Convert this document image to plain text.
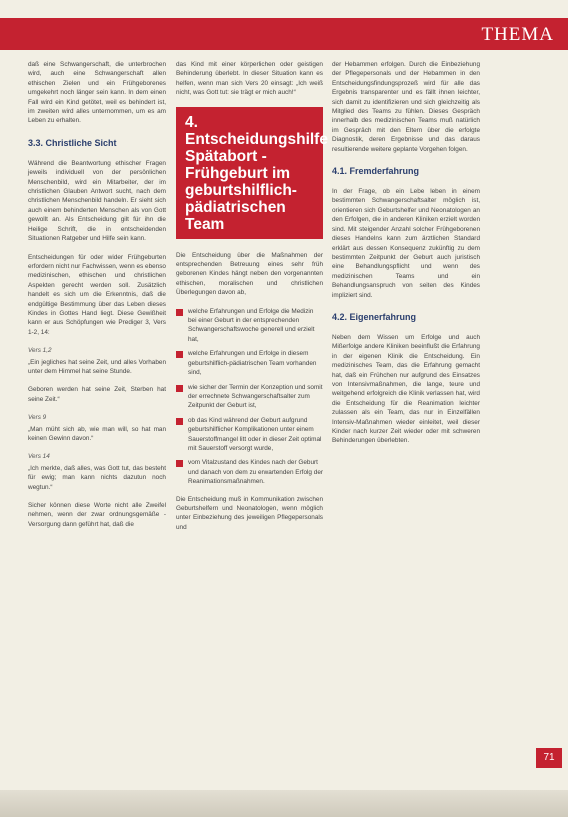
THEMA

daß eine Schwangerschaft, die unterbrochen wird, auch eine Schwangerschaft allen ethischen Zielen und ein Frühgeborenes umgekehrt noch länger sein kann. In dem einen Fall wird ein Kind getötet, weil es behindert ist, im zweiten wird alles unternommen, um es am Leben zu erhalten.

3.3. Christliche Sicht

Während die Beantwortung ethischer Fragen jeweils individuell von der persönlichen Menschenbild, wird ein Mitarbeiter, der im christlichen Glauben Antwort sucht, nach dem christlichen Menschenbild handeln. Er sieht sich auch einem behinderten Menschen als von Gott gewollt an. Als Entscheidung gilt für ihn die Heilige Schrift, die in entscheidenden Situationen Ratgeber und Hilfe sein kann.

Entscheidungen für oder wider Frühgeburten erfordern nicht nur Fachwissen, wenn es ebenso medizinischen, ethischen und christlichen Aspekten gerecht werden soll. Zusätzlich handelt es sich um die Erkenntnis, daß die endgültige Bestimmung über das Leben dieses Kindes in Gottes Hand liegt. Diese Gewißheit kann er aus Schöpfungen wie Prediger 3, Vers 1-2, 14:

Vers 1,2

„Ein jegliches hat seine Zeit, und alles Vorhaben unter dem Himmel hat seine Stunde.

Geboren werden hat seine Zeit, Sterben hat seine Zeit.“

Vers 9

„Man müht sich ab, wie man will, so hat man keinen Gewinn davon.“

Vers 14

„Ich merkte, daß alles, was Gott tut, das besteht für ewig; man kann nichts dazutun noch wegtun.“

Sicher können diese Worte nicht alle Zweifel nehmen, wenn der zwar ordnungsgemäße - Versorgung dann geführt hat, daß die

das Kind mit einer körperlichen oder geistigen Behinderung überlebt. In dieser Situation kann es helfen, wenn man sich Vers 20 einsagt: „Ich weiß nicht, was Gott tut: sie trägt er mich auch!“

4. Entscheidungshilfe Spätabort - Frühgeburt im geburtshilflich-pädiatrischen Team

Die Entscheidung über die Maßnahmen der entsprechenden Betreuung eines sehr früh geborenen Kindes hängt neben den vorgenannten ethischen, moralischen und christlichen Überlegungen davon ab,

welche Erfahrungen und Erfolge die Medizin bei einer Geburt in der entsprechenden Schwangerschaftswoche generell und erzielt hat,
welche Erfahrungen und Erfolge in diesem geburtshilflich-pädiatrischen Team vorhanden sind,
wie sicher der Termin der Konzeption und somit der errechnete Schwangerschaftsalter zum Zeitpunkt der Geburt ist,
ob das Kind während der Geburt aufgrund geburtshilflicher Komplikationen unter einem Sauerstoffmangel litt oder in dieser Zeit optimal mit Sauerstoff versorgt wurde,
vom Vitalzustand des Kindes nach der Geburt und danach von dem zu erwartenden Erfolg der Reanimationsmaßnahmen.

Die Entscheidung muß in Kommunikation zwischen Geburtshelfern und Neonatologen, wenn möglich unter Einbeziehung des jeweiligen Pflegepersonals und

der Hebammen erfolgen. Durch die Einbeziehung der Pflegepersonals und der Hebammen in den Entscheidungsfindungsprozeß wird für alle das Ergebnis transparenter und es fällt ihnen leichter, sich damit zu identifizieren und sich gleichzeitig als Mitglied des Teams zu fühlen. Dieses Gespräch innerhalb des medizinischen Teams muß natürlich im Gespräch mit den Eltern über die erfolgte Diagnostik, deren Ergebnisse und das daraus resultierende weitere geplante Vorgehen folgen.

4.1. Fremderfahrung

In der Frage, ob ein Lebe leben in einem bestimmten Schwangerschaftsalter möglich ist, orientieren sich Geburtshelfer und Neonatologen an den Erfolgen, die in anderen Kliniken erzielt worden sind. Mit steigender Anzahl solcher Frühgeborenen dieses Handelns kann zum ärztlichen Standard erklärt aus dessen Konsequenz zukünftig zu dem bestimmten Zeitpunkt der Geburt auch juristisch eine Behandlungspflicht und wenn des medizinischen Teams und ein Behandlungsanspruch von seiten des Kindes impliziert sind.

4.2. Eigenerfahrung

Neben dem Wissen um Erfolge und auch Mißerfolge andere Kliniken beeinflußt die Erfahrung in der eigenen Klinik die Entscheidung. Ein medizinisches Team, das die Erfahrung gemacht hat, daß ein Frühchen nur aufgrund des Einsatzes von Intensivmaßnahmen, die lange, teure und weitgehend erfolgreich die Klinik verlassen hat, wird die Entscheidung für die Reanimation leichter zulassen als ein Team, das nur in Einzelfällen Intensiv-Maßnahmen wieder einleitet, weil dieser Kinder nach kurzer Zeit wieder oder mit schweren Behinderungen überlebten.

71
